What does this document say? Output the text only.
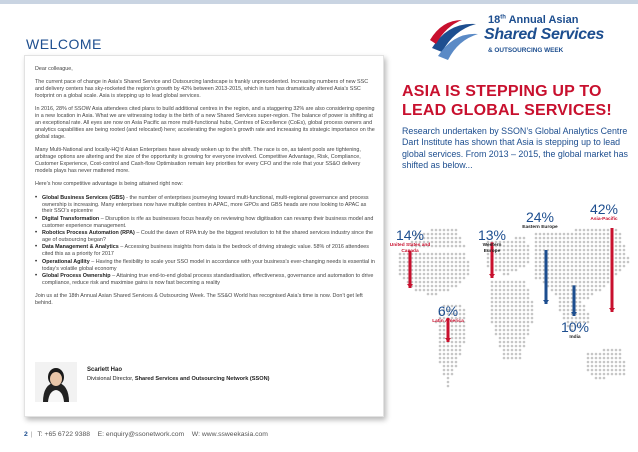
WELCOME
18th Annual Asian
Shared Services
& OUTSOURCING WEEK

Dear colleague,

The current pace of change in Asia’s Shared Service and Outsourcing landscape is frankly unprecedented. Increasing numbers of new SSC and delivery centers has sky-rocketed the region’s growth by 42% between 2013-2015, which in turn has dramatically altered Asia’s SSC footprint on a global scale. Asia is stepping up to lead global services.

In 2016, 28% of SSOW Asia attendees cited plans to build additional centres in the region, and a staggering 32% are also considering opening in a new location in Asia. What we are witnessing today is the birth of a new Shared Services super-region. The balance of power is shifting at an exceptional rate. All eyes are now on Asia Pacific as more multi-functional hubs, Centres of Excellence (CoEs), global process owners and analytics capabilities are being rooted (and relocated) here; accelerating the region’s growth rate and increasing its strategic importance on the global stage.

Many Multi-National and locally-HQ’d Asian Enterprises have already woken up to the shift. The race is on, as talent pools are tightening, arbitrage options are altering and the size of the opportunity is growing for everyone involved. Competitive Advantage, Risk, Compliance, Customer Experience, Cost-control and Cash-flow Optimisation remain key priorities for every CFO and the role that your SS&O delivery models plays has never mattered more.

Here’s how competitive advantage is being attained right now:

• Global Business Services (GBS) - the number of enterprises journeying toward multi-functional, multi-regional governance and process ownership is increasing. Many enterprises now have multiple centres in APAC, more GPOs and GBS heads are now looking to APAC as their SSO’s epicentre
• Digital Transformation – Disruption is rife as businesses focus heavily on reviewing how digitisation can revamp their business model and customer experience management.
• Robotics Process Automation (RPA) – Could the dawn of RPA truly be the biggest revolution to hit the shared services industry since the age of outsourcing began?
• Data Management & Analytics – Accessing business insights from data is the bedrock of driving strategic value. 58% of 2016 attendees cited this as a priority for 2017
• Operational Agility – Having the flexibility to scale your SSO model in accordance with your business’s ever-changing needs is essential in today’s volatile global economy
• Global Process Ownership – Attaining true end-to-end global process standardisation, effectiveness, governance and automation to drive compliance, reduce risk and maximise gains is now fast becoming a reality

Join us at the 18th Annual Asian Shared Services & Outsourcing Week. The SS&O World has recognised Asia’s time is now. Don’t get left behind.

Scarlett Hao
Divisional Director, Shared Services and Outsourcing Network (SSON)
ASIA IS STEPPING UP TO LEAD GLOBAL SERVICES!
Research undertaken by SSON’s Global Analytics Centre Dart Institute has shown that Asia is stepping up to lead global services. From 2013 – 2015, the global market has shifted as below...
14%
United States and Canada
6%
Latin America
13%
Western Europe
24%
Eastern Europe
10%
India
42%
Asia-Pacific
2 | T: +65 6722 9388 E: enquiry@ssonetwork.com W: www.ssweekasia.com
